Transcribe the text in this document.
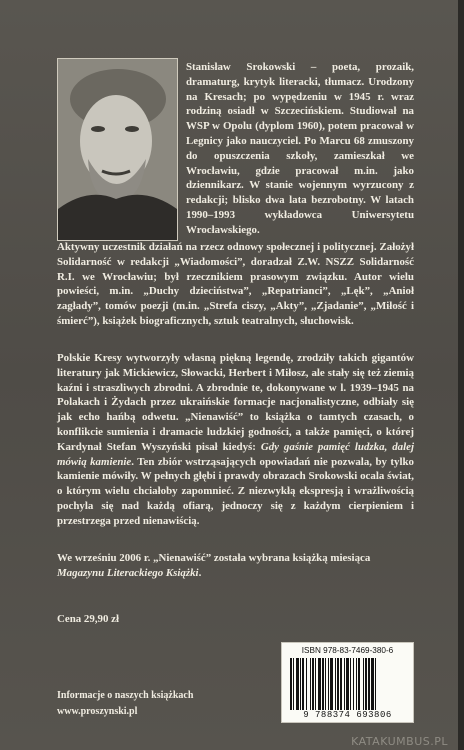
Stanisław Srokowski – poeta, prozaik, dramaturg, krytyk literacki, tłumacz. Urodzony na Kresach; po wypędzeniu w 1945 r. wraz rodziną osiadł w Szczecińskiem. Studiował na WSP w Opolu (dyplom 1960), potem pracował w Legnicy jako nauczyciel. Po Marcu 68 zmuszony do opuszczenia szkoły, zamieszkał we Wrocławiu, gdzie pracował m.in. jako dziennikarz. W stanie wojennym wyrzucony z redakcji; blisko dwa lata bezrobotny. W latach 1990–1993 wykładowca Uniwersytetu Wrocławskiego.
Aktywny uczestnik działań na rzecz odnowy społecznej i politycznej. Założył Solidarność w redakcji „Wiadomości”, doradzał Z.W. NSZZ Solidarność R.I. we Wrocławiu; był rzecznikiem prasowym związku. Autor wielu powieści, m.in. „Duchy dzieciństwa”, „Repatrianci”, „Lęk”, „Anioł zagłady”, tomów poezji (m.in. „Strefa ciszy, „Akty”, „Zjadanie”, „Miłość i śmierć”), książek biograficznych, sztuk teatralnych, słuchowisk.
Polskie Kresy wytworzyły własną piękną legendę, zrodziły takich gigantów literatury jak Mickiewicz, Słowacki, Herbert i Miłosz, ale stały się też ziemią kaźni i straszliwych zbrodni. A zbrodnie te, dokonywane w l. 1939–1945 na Polakach i Żydach przez ukraińskie formacje nacjonalistyczne, odbiały się jak echo hańbą odwetu. „Nienawiść” to książka o tamtych czasach, o konflikcie sumienia i dramacie ludzkiej godności, a także pamięci, o której Kardynał Stefan Wyszyński pisał kiedyś: Gdy gaśnie pamięć ludzka, dalej mówią kamienie. Ten zbiór wstrząsających opowiadań nie pozwala, by tylko kamienie mówiły. W pełnych głębi i prawdy obrazach Srokowski ocala świat, o którym wielu chciałoby zapomnieć. Z niezwykłą ekspresją i wrażliwością pochyla się nad każdą ofiarą, jednoczy się z każdym cierpieniem i przestrzega przed nienawiścią.
We wrześniu 2006 r. „Nienawiść” została wybrana książką miesiąca Magazynu Literackiego Książki.
Cena 29,90 zł
Informacje o naszych książkach
www.proszynski.pl
ISBN 978-83-7469-380-6
9 788374 693806
KATAKUMBUS.PL
